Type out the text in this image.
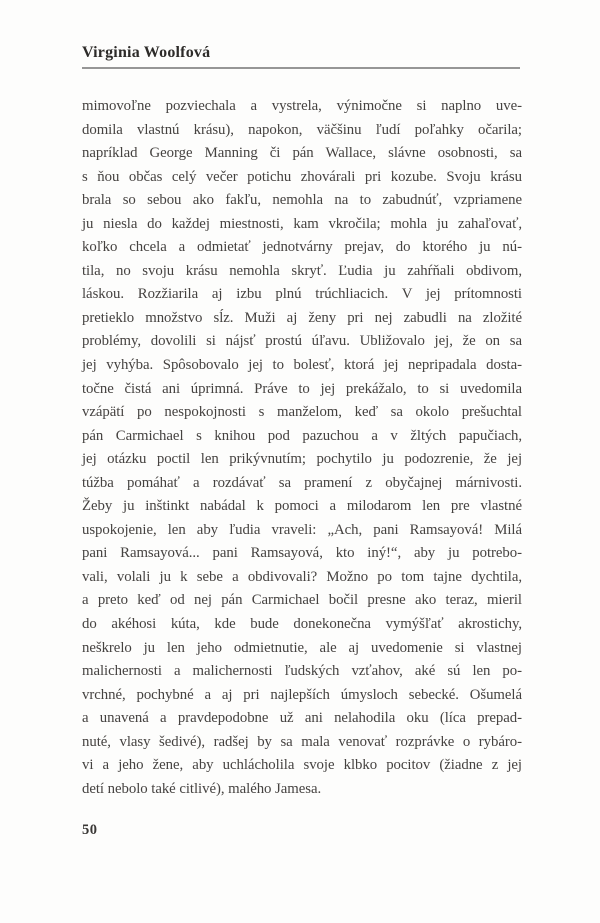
Virginia Woolfová
mimovoľne pozviechala a vystrela, výnimočne si naplno uve-
domila vlastnú krásu), napokon, väčšinu ľudí poľahky očarila;
napríklad George Manning či pán Wallace, slávne osobnosti, sa
s ňou občas celý večer potichu zhovárali pri kozube. Svoju krásu
brala so sebou ako fakľu, nemohla na to zabudnúť, vzpriamene
ju niesla do každej miestnosti, kam vkročila; mohla ju zahaľovať,
koľko chcela a odmietať jednotvárny prejav, do ktorého ju nú-
tila, no svoju krásu nemohla skryť. Ľudia ju zahŕňali obdivom,
láskou. Rozžiarila aj izbu plnú trúchliacich. V jej prítomnosti
pretieklo množstvo sĺz. Muži aj ženy pri nej zabudli na zložité
problémy, dovolili si nájsť prostú úľavu. Ubližovalo jej, že on sa
jej vyhýba. Spôsobovalo jej to bolesť, ktorá jej nepripadala dosta-
točne čistá ani úprimná. Práve to jej prekážalo, to si uvedomila
vzápätí po nespokojnosti s manželom, keď sa okolo prešuchtal
pán Carmichael s knihou pod pazuchou a v žltých papučiach,
jej otázku poctil len prikývnutím; pochytilo ju podozrenie, že jej
túžba pomáhať a rozdávať sa pramení z obyčajnej márnivosti.
Žeby ju inštinkt nabádal k pomoci a milodarom len pre vlastné
uspokojenie, len aby ľudia vraveli: „Ach, pani Ramsayová! Milá
pani Ramsayová... pani Ramsayová, kto iný!“, aby ju potrebo-
vali, volali ju k sebe a obdivovali? Možno po tom tajne dychtila,
a preto keď od nej pán Carmichael bočil presne ako teraz, mieril
do akéhosi kúta, kde bude donekonečna vymýšľať akrostichy,
neškrelo ju len jeho odmietnutie, ale aj uvedomenie si vlastnej
malichernosti a malichernosti ľudských vzťahov, aké sú len po-
vrchné, pochybné a aj pri najlepších úmysloch sebecké. Ošumelá
a unavená a pravdepodobne už ani nelahodila oku (líca prepad-
nuté, vlasy šedivé), radšej by sa mala venovať rozprávke o rybáro-
vi a jeho žene, aby uchlácholila svoje klbko pocitov (žiadne z jej
detí nebolo také citlivé), malého Jamesa.
50
